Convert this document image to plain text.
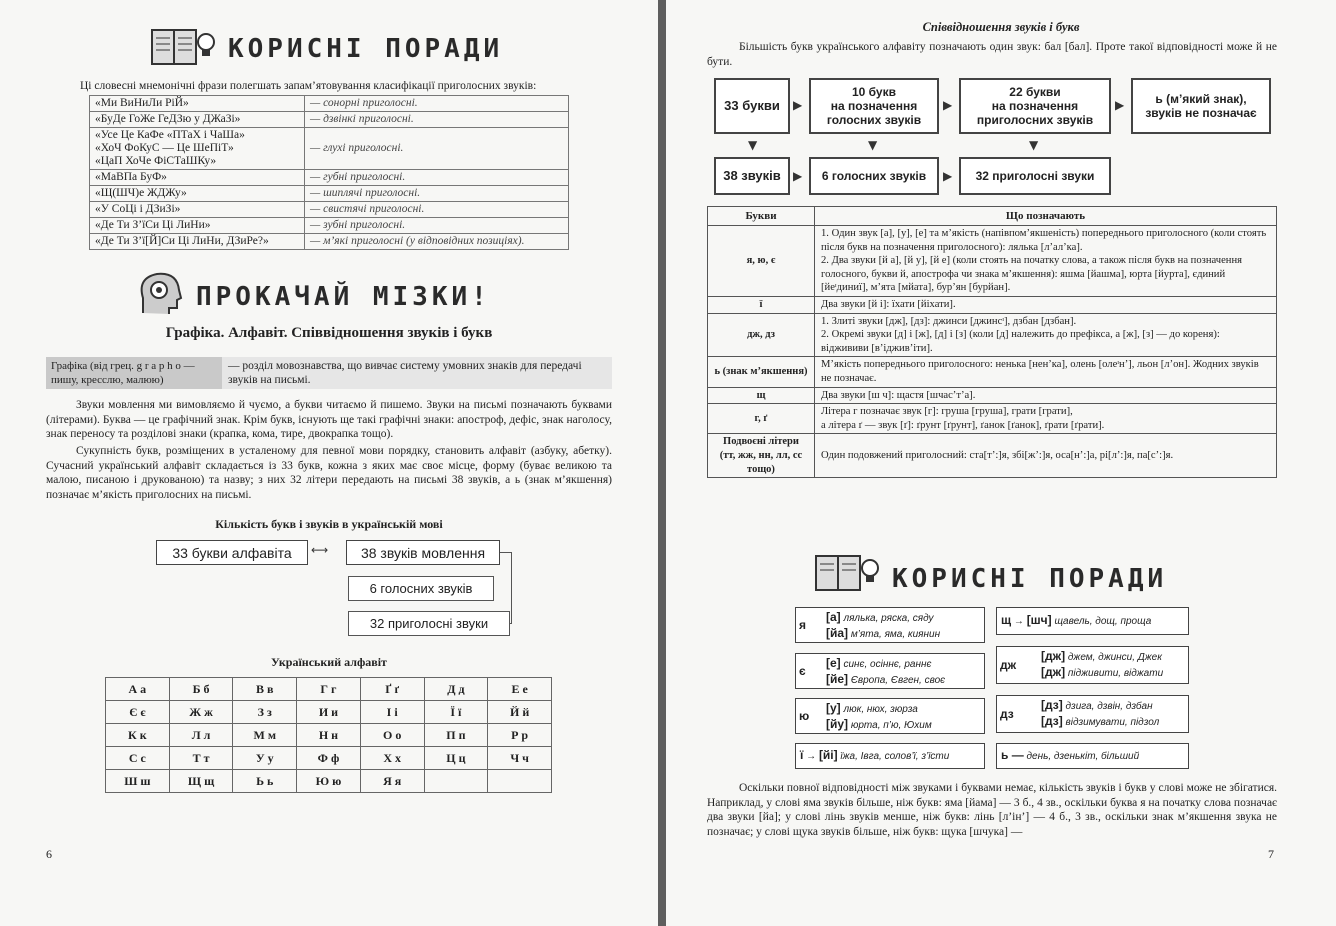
КОРИСНІ ПОРАДИ
Ці словесні мнемонічні фрази полегшать запам’ятовування класифікації приголосних звуків:
«Ми ВиНиЛи РіЙ»	— сонорні приголосні.
«БуДе ГоЖе ГеДЗю у ДЖаЗі»	— дзвінкі приголосні.
«Усе Це КаФе «ПТаХ і ЧаШа»
«ХоЧ ФоКуС — Це ШеПіТ»
«ЦаП ХоЧе ФіСТаШКу»	— глухі приголосні.
«МаВПа БуФ»	— губні приголосні.
«Щ(ШЧ)е ЖДЖу»	— шиплячі приголосні.
«У СоЦі і ДЗиЗі»	— свистячі приголосні.
«Де Ти З’їСи Ці ЛиНи»	— зубні приголосні.
«Де Ти З’ї[Й]Си Ці ЛиНи, ДЗиРе?»	— м’які приголосні (у відповідних позиціях).
ПРОКАЧАЙ МІЗКИ!
Графіка. Алфавіт. Співвідношення звуків і букв
Графіка (від грец. g r a p h o — пишу, кресслю, малюю)
— розділ мовознавства, що вивчає систему умовних знаків для передачі звуків на письмі.
Звуки мовлення ми вимовляємо й чуємо, а букви читаємо й пишемо. Звуки на письмі позначають буквами (літерами). Буква — це графічний знак. Крім букв, існують ще такі графічні знаки: апостроф, дефіс, знак наголосу, знак переносу та розділові знаки (крапка, кома, тире, двокрапка тощо).
Сукупність букв, розміщених в усталеному для певної мови порядку, становить алфавіт (азбуку, абетку). Сучасний український алфавіт складається із 33 букв, кожна з яких має своє місце, форму (буває великою та малою, писаною і друкованою) та назву; з них 32 літери передають на письмі 38 звуків, а ь (знак м’якшення) позначає м’якість приголосних на письмі.
Кількість букв і звуків в українській мові
33 букви алфавіта	⟷	38 звуків мовлення
6 голосних звуків
32 приголосні звуки
Український алфавіт
А а	Б б	В в	Г г	Ґ ґ	Д д	Е е
Є є	Ж ж	З з	И и	І і	Ї ї	Й й
К к	Л л	М м	Н н	О о	П п	Р р
С с	Т т	У у	Ф ф	Х х	Ц ц	Ч ч
Ш ш	Щ щ	Ь ь	Ю ю	Я я		
6
Співвідношення звуків і букв
Більшість букв українського алфавіту позначають один звук: бал [бал]. Проте такої відповідності може й не бути.
33 букви	▶
10 букв
на позначення
голосних звуків
▶
22 букви
на позначення
приголосних звуків
▶	ь (м’який знак),
звуків не позначає
▼	▼	▼
38 звуків	▶	6 голосних звуків	▶	32 приголосні звуки
Букви	Що позначають
я, ю, є	1. Один звук [а], [у], [е] та м’якість (напівпом’якшеність) попереднього приголосного (коли стоять після букв на позначення приголосного): лялька [л’ал’ка].
2. Два звуки [й а], [й у], [й е] (коли стоять на початку слова, а також після букв на позначення голосного, букви й, апострофа чи знака м’якшення): яшма [йашма], юрта [йурта], єдиний [йеᶦдиниї], м’ята [мйата], бур’ян [бурйан].
ї	Два звуки [й і]: їхати [йіхати].
дж, дз	1. Злиті звуки [дж], [дз]: джинси [джинсᶦ], дзбан [дзбан].
2. Окремі звуки [д] і [ж], [д] і [з] (коли [д] належить до префікса, а [ж], [з] — до кореня): віджививи [в’іджив’іти].
ь (знак м’якшення)	М’якість попереднього приголосного: ненька [нен’ка], олень [олеᶦн’], льон [л’он]. Жодних звуків не позначає.
щ	Два звуки [ш ч]: щастя [шчас’т’а].
г, ґ	Літера г позначає звук [г]: груша [груша], грати [грати],
а літера ґ — звук [ґ]: ґрунт [ґрунт], ґанок [ґанок], ґрати [ґрати].
Подвоєні літери (тт, жж, нн, лл, сс тощо)	Один подовжений приголосний: ста[т’:]я, збі[ж’:]я, оса[н’:]а, рі[л’:]я, па[с’:]я.
КОРИСНІ ПОРАДИ
я
[а] лялька, ряска, сяду
[йа] м’ята, яма, киянин
є
[е] синє, осіннє, раннє
[йе] Європа, Євген, своє
ю
[у] люк, нюх, зюрза
[йу] юрта, п’ю, Юхим
ї → [йі] їжа, Івга, солов’ї, з’їсти
щ → [шч] щавель, дощ, проща
дж
[дж] джем, джинси, Джек
[дж] підживити, віджати
дз
[дз] дзига, дзвін, дзбан
[дз] відзимувати, підзол
ь — день, дзенькіт, більший
Оскільки повної відповідності між звуками і буквами немає, кількість звуків і букв у слові може не збігатися. Наприклад, у слові яма звуків більше, ніж букв: яма [йама] — 3 б., 4 зв., оскільки буква я на початку слова позначає два звуки [йа]; у слові лінь звуків менше, ніж букв: лінь [л’ін’] — 4 б., 3 зв., оскільки знак м’якшення звука не позначає; у слові щука звуків більше, ніж букв: щука [шчука] —
7
